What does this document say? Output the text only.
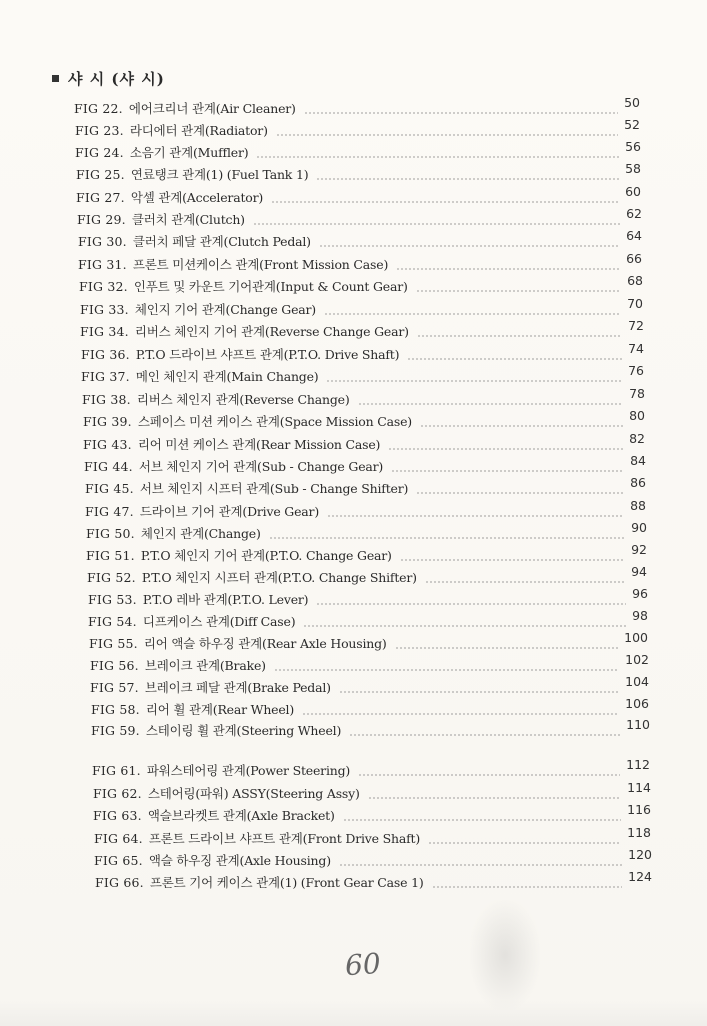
샤 시 (샤 시)
FIG 22. 에어크리너 관계(Air Cleaner)	50
FIG 23. 라디에터 관계(Radiator)	52
FIG 24. 소음기 관계(Muffler)	56
FIG 25. 연료탱크 관계(1) (Fuel Tank 1)	58
FIG 27. 악셀 관계(Accelerator)	60
FIG 29. 클러치 관계(Clutch)	62
FIG 30. 클러치 페달 관계(Clutch Pedal)	64
FIG 31. 프론트 미션케이스 관계(Front Mission Case)	66
FIG 32. 인푸트 및 카운트 기어관계(Input & Count Gear)	68
FIG 33. 체인지 기어 관계(Change Gear)	70
FIG 34. 리버스 체인지 기어 관계(Reverse Change Gear)	72
FIG 36. P.T.O 드라이브 샤프트 관계(P.T.O. Drive Shaft)	74
FIG 37. 메인 체인지 관계(Main Change)	76
FIG 38. 리버스 체인지 관계(Reverse Change)	78
FIG 39. 스페이스 미션 케이스 관계(Space Mission Case)	80
FIG 43. 리어 미션 케이스 관계(Rear Mission Case)	82
FIG 44. 서브 체인지 기어 관계(Sub - Change Gear)	84
FIG 45. 서브 체인지 시프터 관계(Sub - Change Shifter)	86
FIG 47. 드라이브 기어 관계(Drive Gear)	88
FIG 50. 체인지 관계(Change)	90
FIG 51. P.T.O 체인지 기어 관계(P.T.O. Change Gear)	92
FIG 52. P.T.O 체인지 시프터 관계(P.T.O. Change Shifter)	94
FIG 53. P.T.O 레바 관계(P.T.O. Lever)	96
FIG 54. 디프케이스 관계(Diff Case)	98
FIG 55. 리어 액슬 하우징 관계(Rear Axle Housing)	100
FIG 56. 브레이크 관계(Brake)	102
FIG 57. 브레이크 페달 관계(Brake Pedal)	104
FIG 58. 리어 휠 관계(Rear Wheel)	106
FIG 59. 스테이링 휠 관계(Steering Wheel)	110
FIG 61. 파워스테어링 관계(Power Steering)	112
FIG 62. 스테어링(파워) ASSY(Steering Assy)	114
FIG 63. 액슬브라켓트 관계(Axle Bracket)	116
FIG 64. 프론트 드라이브 샤프트 관계(Front Drive Shaft)	118
FIG 65. 액슬 하우징 관계(Axle Housing)	120
FIG 66. 프론트 기어 케이스 관계(1) (Front Gear Case 1)	124
60
